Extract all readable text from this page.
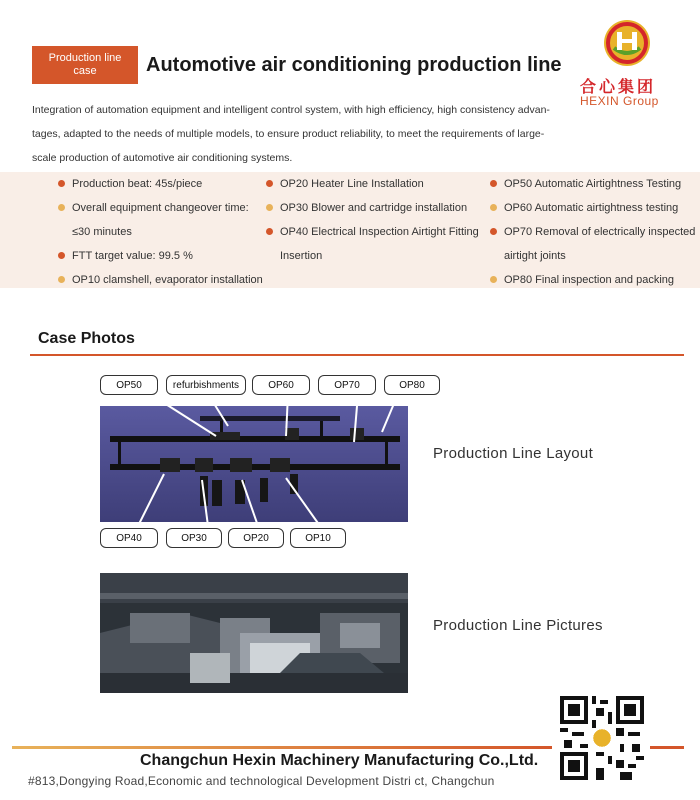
Production line case	Automotive air conditioning production line
合心集团
HEXIN Group

Integration of automation equipment and intelligent control system, with high efficiency, high consistency advan-tages, adapted to the needs of multiple models, to ensure product reliability, to meet the requirements of large-scale production of automotive air conditioning systems.

Production beat: 45s/piece
Overall equipment changeover time:
≤30 minutes
FTT target value: 99.5 %
OP10 clamshell, evaporator installation
OP20 Heater Line Installation
OP30 Blower and cartridge installation
OP40 Electrical Inspection Airtight Fitting
Insertion
OP50 Automatic Airtightness Testing
OP60 Automatic airtightness testing
OP70 Removal of electrically inspected
airtight joints
OP80 Final inspection and packing
Case Photos
OP50	refurbishments	OP60	OP70	OP80
OP40	OP30	OP20	OP10
Production Line Layout
Production Line Pictures
Changchun Hexin Machinery Manufacturing Co.,Ltd.
#813,Dongying Road,Economic and technological Development Distri ct, Changchun
